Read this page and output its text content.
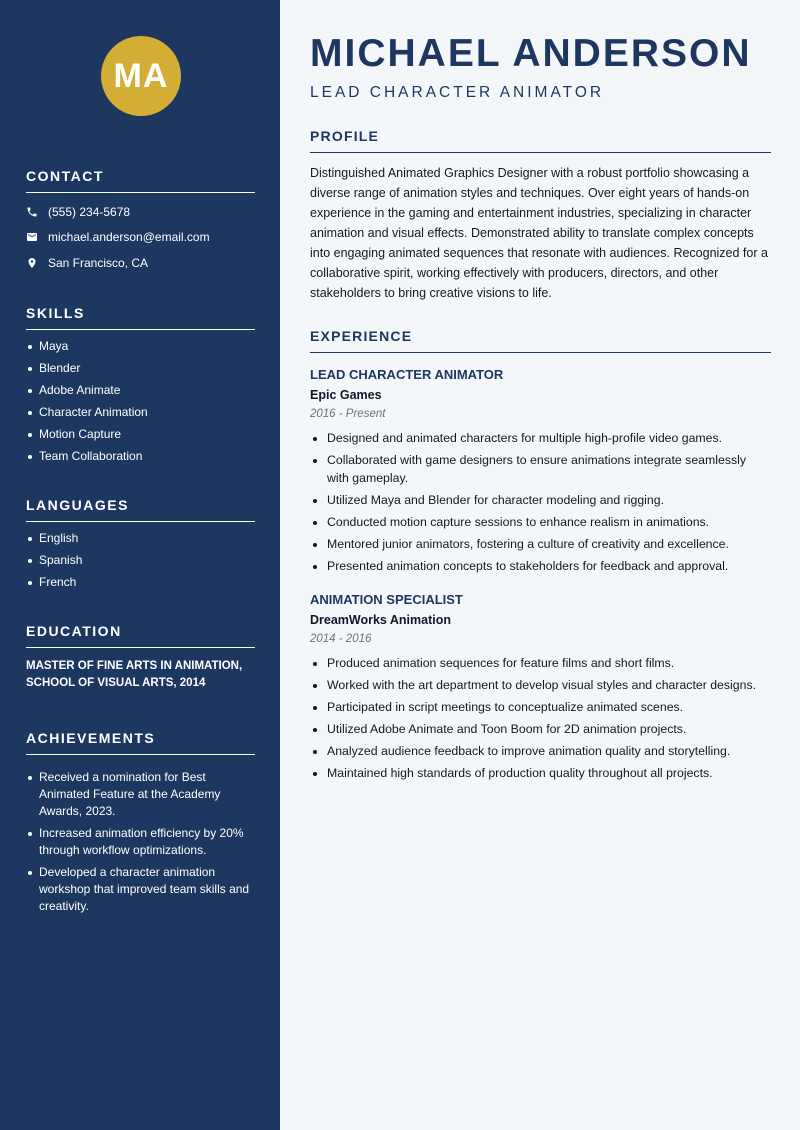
MA
CONTACT
(555) 234-5678
michael.anderson@email.com
San Francisco, CA
SKILLS
Maya
Blender
Adobe Animate
Character Animation
Motion Capture
Team Collaboration
LANGUAGES
English
Spanish
French
EDUCATION

MASTER OF FINE ARTS IN ANIMATION, SCHOOL OF VISUAL ARTS, 2014

ACHIEVEMENTS
Received a nomination for Best Animated Feature at the Academy Awards, 2023.
Increased animation efficiency by 20% through workflow optimizations.
Developed a character animation workshop that improved team skills and creativity.
MICHAEL ANDERSON
LEAD CHARACTER ANIMATOR
PROFILE

Distinguished Animated Graphics Designer with a robust portfolio showcasing a diverse range of animation styles and techniques. Over eight years of hands-on experience in the gaming and entertainment industries, specializing in character animation and visual effects. Demonstrated ability to translate complex concepts into engaging animated sequences that resonate with audiences. Recognized for a collaborative spirit, working effectively with producers, directors, and other stakeholders to bring creative visions to life.

EXPERIENCE
LEAD CHARACTER ANIMATOR
Epic Games
2016 - Present
Designed and animated characters for multiple high-profile video games.
Collaborated with game designers to ensure animations integrate seamlessly with gameplay.
Utilized Maya and Blender for character modeling and rigging.
Conducted motion capture sessions to enhance realism in animations.
Mentored junior animators, fostering a culture of creativity and excellence.
Presented animation concepts to stakeholders for feedback and approval.
ANIMATION SPECIALIST
DreamWorks Animation
2014 - 2016
Produced animation sequences for feature films and short films.
Worked with the art department to develop visual styles and character designs.
Participated in script meetings to conceptualize animated scenes.
Utilized Adobe Animate and Toon Boom for 2D animation projects.
Analyzed audience feedback to improve animation quality and storytelling.
Maintained high standards of production quality throughout all projects.
